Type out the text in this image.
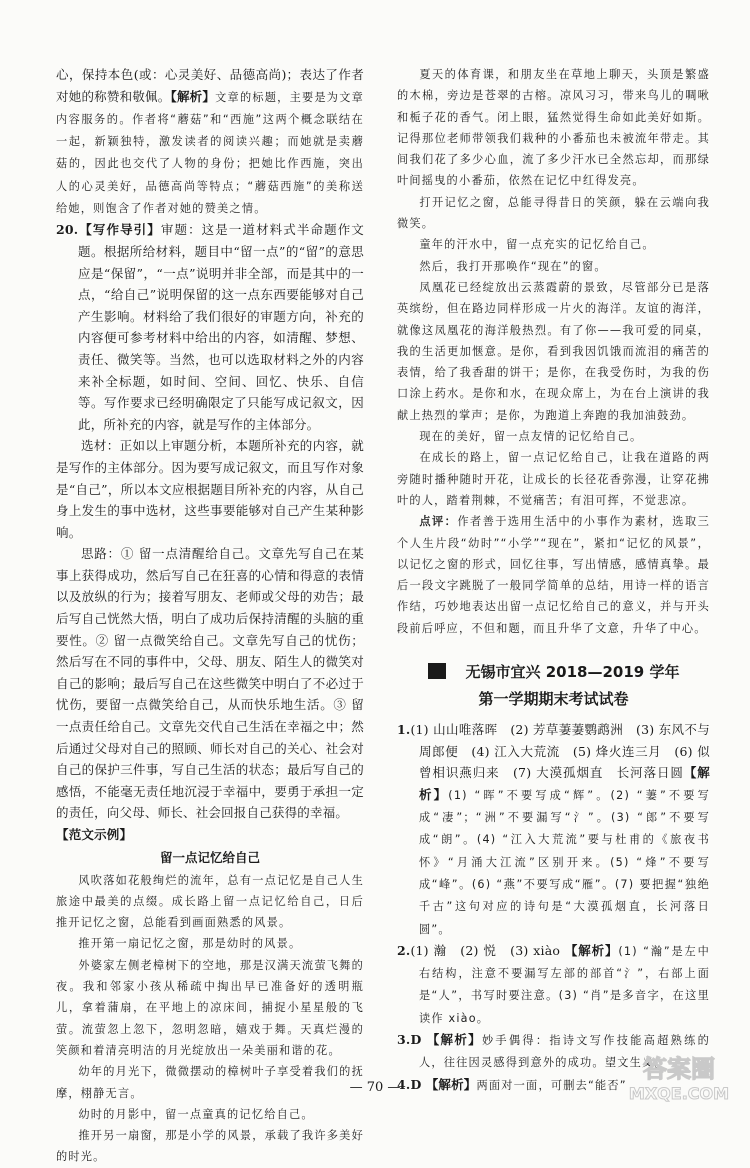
心，保持本色(或：心灵美好、品德高尚)；表达了作者对她的称赞和敬佩。【解析】文章的标题，主要是为文章内容服务的。作者将“蘑菇”和“西施”这两个概念联结在一起，新颖独特，激发读者的阅读兴趣；而她就是卖蘑菇的，因此也交代了人物的身份；把她比作西施，突出人的心灵美好，品德高尚等特点；“蘑菇西施”的美称送给她，则饱含了作者对她的赞美之情。
20.【写作导引】审题：这是一道材料式半命题作文题。根据所给材料，题目中“留一点”的“留”的意思应是“保留”，“一点”说明并非全部，而是其中的一点，“给自己”说明保留的这一点东西要能够对自己产生影响。材料给了我们很好的审题方向，补充的内容便可参考材料中给出的内容，如清醒、梦想、责任、微笑等。当然，也可以选取材料之外的内容来补全标题，如时间、空间、回忆、快乐、自信等。写作要求已经明确限定了只能写成记叙文，因此，所补充的内容，就是写作的主体部分。

选材：正如以上审题分析，本题所补充的内容，就是写作的主体部分。因为要写成记叙文，而且写作对象是“自己”，所以本文应根据题目所补充的内容，从自己身上发生的事中选材，这些事要能够对自己产生某种影响。

思路：① 留一点清醒给自己。文章先写自己在某事上获得成功，然后写自己在狂喜的心情和得意的表情以及放纵的行为；接着写朋友、老师或父母的劝告；最后写自己恍然大悟，明白了成功后保持清醒的头脑的重要性。② 留一点微笑给自己。文章先写自己的忧伤；然后写在不同的事件中，父母、朋友、陌生人的微笑对自己的影响；最后写自己在这些微笑中明白了不必过于忧伤，要留一点微笑给自己，从而快乐地生活。③ 留一点责任给自己。文章先交代自己生活在幸福之中；然后通过父母对自己的照顾、师长对自己的关心、社会对自己的保护三件事，写自己生活的状态；最后写自己的感悟，不能毫无责任地沉浸于幸福中，要勇于承担一定的责任，向父母、师长、社会回报自己获得的幸福。

【范文示例】

留一点记忆给自己

风吹落如花般绚烂的流年，总有一点记忆是自己人生旅途中最美的点缀。成长路上留一点记忆给自己，日后推开记忆之窗，总能看到画面熟悉的风景。

推开第一扇记忆之窗，那是幼时的风景。

外婆家左侧老樟树下的空地，那是汉满天流萤飞舞的夜。我和邻家小孩从稀疏中掏出早已准备好的透明瓶儿，拿着蒲扇，在平地上的凉床间，捕捉小星星般的飞萤。流萤忽上忽下，忽明忽暗，嬉戏于舞。天真烂漫的笑颜和着清亮明洁的月光绽放出一朵美丽和谐的花。

幼年的月光下，微微摆动的樟树叶子享受着我们的抚摩，栩静无言。

幼时的月影中，留一点童真的记忆给自己。

推开另一扇窗，那是小学的风景，承载了我许多美好的时光。

夏天的体育课，和朋友坐在草地上聊天，头顶是繁盛的木棉，旁边是苍翠的古榕。凉风习习，带来鸟儿的啁啾和栀子花的香气。闭上眼，猛然觉得生命如此美好如斯。记得那位老师带领我们栽种的小番茄也未被流年带走。其间我们花了多少心血，流了多少汗水已全然忘却，而那绿叶间摇曳的小番茄，依然在记忆中红得发亮。

打开记忆之窗，总能寻得昔日的笑颜，躲在云端向我微笑。

童年的汗水中，留一点充实的记忆给自己。

然后，我打开那唤作“现在”的窗。

凤凰花已经绽放出云蒸霞蔚的景致，尽管部分已是落英缤纷，但在路边同样形成一片火的海洋。友谊的海洋，就像这凤凰花的海洋般热烈。有了你——我可爱的同桌，我的生活更加惬意。是你，看到我因饥饿而流泪的痛苦的表情，给了我香甜的饼干；是你，在我受伤时，为我的伤口涂上药水。是你和水，在现众席上，为在台上演讲的我献上热烈的掌声；是你，为跑道上奔跑的我加油鼓劲。

现在的美好，留一点友情的记忆给自己。

在成长的路上，留一点记忆给自己，让我在道路的两旁随时播种随时开花，让成长的长径花香弥漫，让穿花拂叶的人，踏着荆棘，不觉痛苦；有泪可挥，不觉悲凉。

点评：作者善于选用生活中的小事作为素材，选取三个人生片段“幼时”“小学”“现在”，紧扣“记忆的风景”，以记忆之窗的形式，回忆往事，写出情感，感情真挚。最后一段文字跳脱了一般同学简单的总结，用诗一样的语言作结，巧妙地表达出留一点记忆给自己的意义，并与开头段前后呼应，不但和题，而且升华了文意，升华了中心。
无锡市宜兴 2018—2019 学年
第一学期期末考试试卷
1.(1) 山山唯落晖　(2) 芳草萋萋鹦鹉洲　(3) 东风不与周郎便　(4) 江入大荒流　(5) 烽火连三月　(6) 似曾相识燕归来　(7) 大漠孤烟直　长河落日圆【解析】(1) “晖”不要写成“辉”。(2) “萋”不要写成“凄”；“洲”不要漏写“氵”。(3) “郎”不要写成“朗”。(4) “江入大荒流”要与杜甫的《旅夜书怀》“月涌大江流”区别开来。(5) “烽”不要写成“峰”。(6) “燕”不要写成“雁”。(7) 要把握“独绝千古”这句对应的诗句是“大漠孤烟直，长河落日圆”。
2.(1) 瀚　(2) 悦　(3) xiào 【解析】(1) “瀚”是左中右结构，注意不要漏写左部的部首“氵”，右部上面是“人”，书写时要注意。(3) “肖”是多音字，在这里读作 xiào。
3.D 【解析】妙手偶得：指诗文写作技能高超熟练的人，往往因灵感得到意外的成功。望文生义。
4.D 【解析】两面对一面，可删去“能否”
— 70 —
答案圈
MXQE.COM
